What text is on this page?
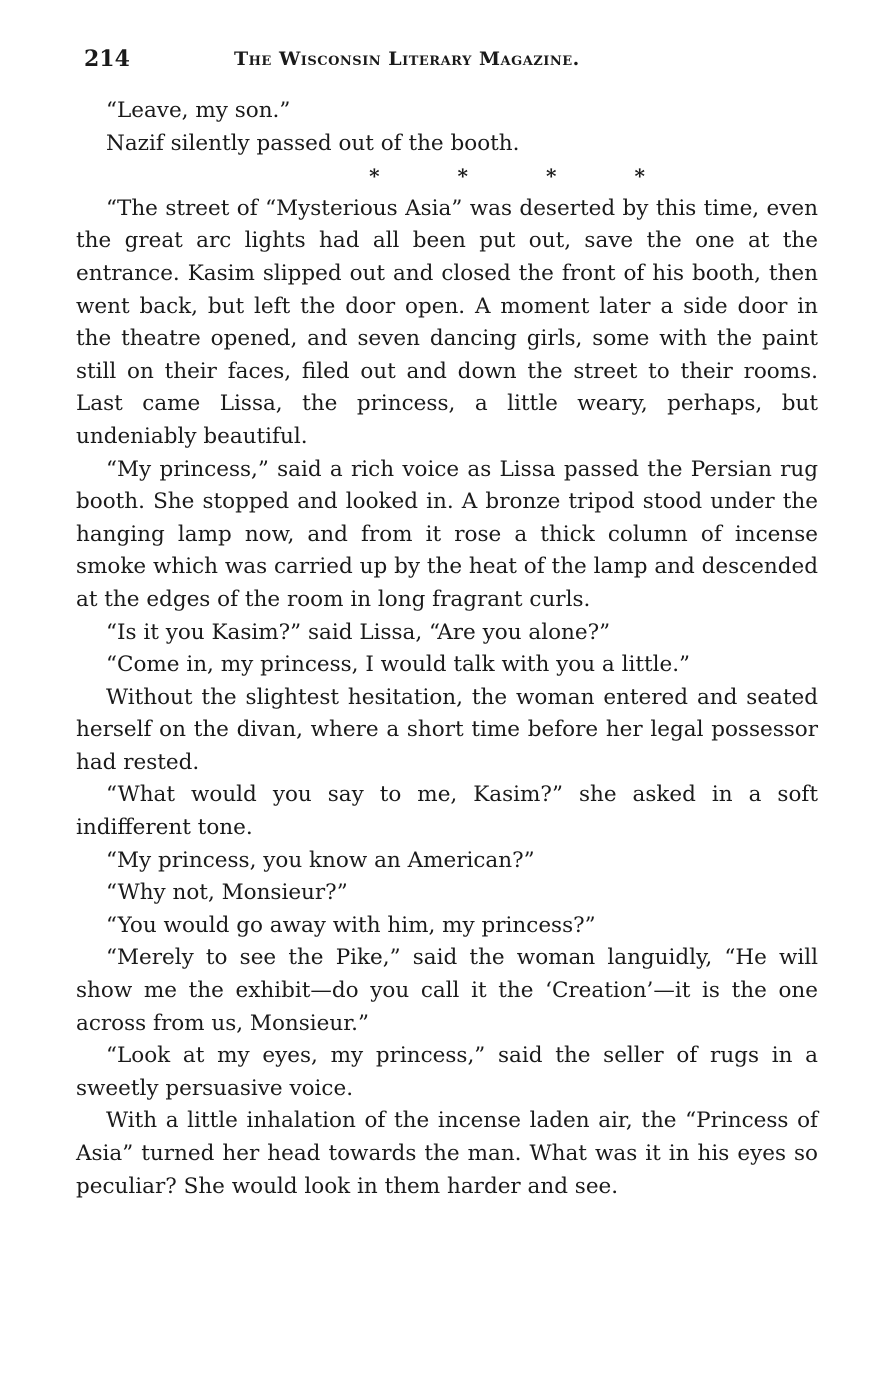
214	The Wisconsin Literary Magazine.

“Leave, my son.”

Nazif silently passed out of the booth.

*	*	*	*

“The street of “Mysterious Asia” was deserted by this time, even the great arc lights had all been put out, save the one at the entrance. Kasim slipped out and closed the front of his booth, then went back, but left the door open. A moment later a side door in the theatre opened, and seven dancing girls, some with the paint still on their faces, filed out and down the street to their rooms. Last came Lissa, the princess, a little weary, perhaps, but undeniably beautiful.

“My princess,” said a rich voice as Lissa passed the Persian rug booth. She stopped and looked in. A bronze tripod stood under the hanging lamp now, and from it rose a thick column of incense smoke which was carried up by the heat of the lamp and descended at the edges of the room in long fragrant curls.

“Is it you Kasim?” said Lissa, “Are you alone?”

“Come in, my princess, I would talk with you a little.”

Without the slightest hesitation, the woman entered and seated herself on the divan, where a short time before her legal possessor had rested.

“What would you say to me, Kasim?” she asked in a soft indifferent tone.

“My princess, you know an American?”

“Why not, Monsieur?”

“You would go away with him, my princess?”

“Merely to see the Pike,” said the woman languidly, “He will show me the exhibit—do you call it the ‘Creation’—it is the one across from us, Monsieur.”

“Look at my eyes, my princess,” said the seller of rugs in a sweetly persuasive voice.

With a little inhalation of the incense laden air, the “Princess of Asia” turned her head towards the man. What was it in his eyes so peculiar? She would look in them harder and see.
